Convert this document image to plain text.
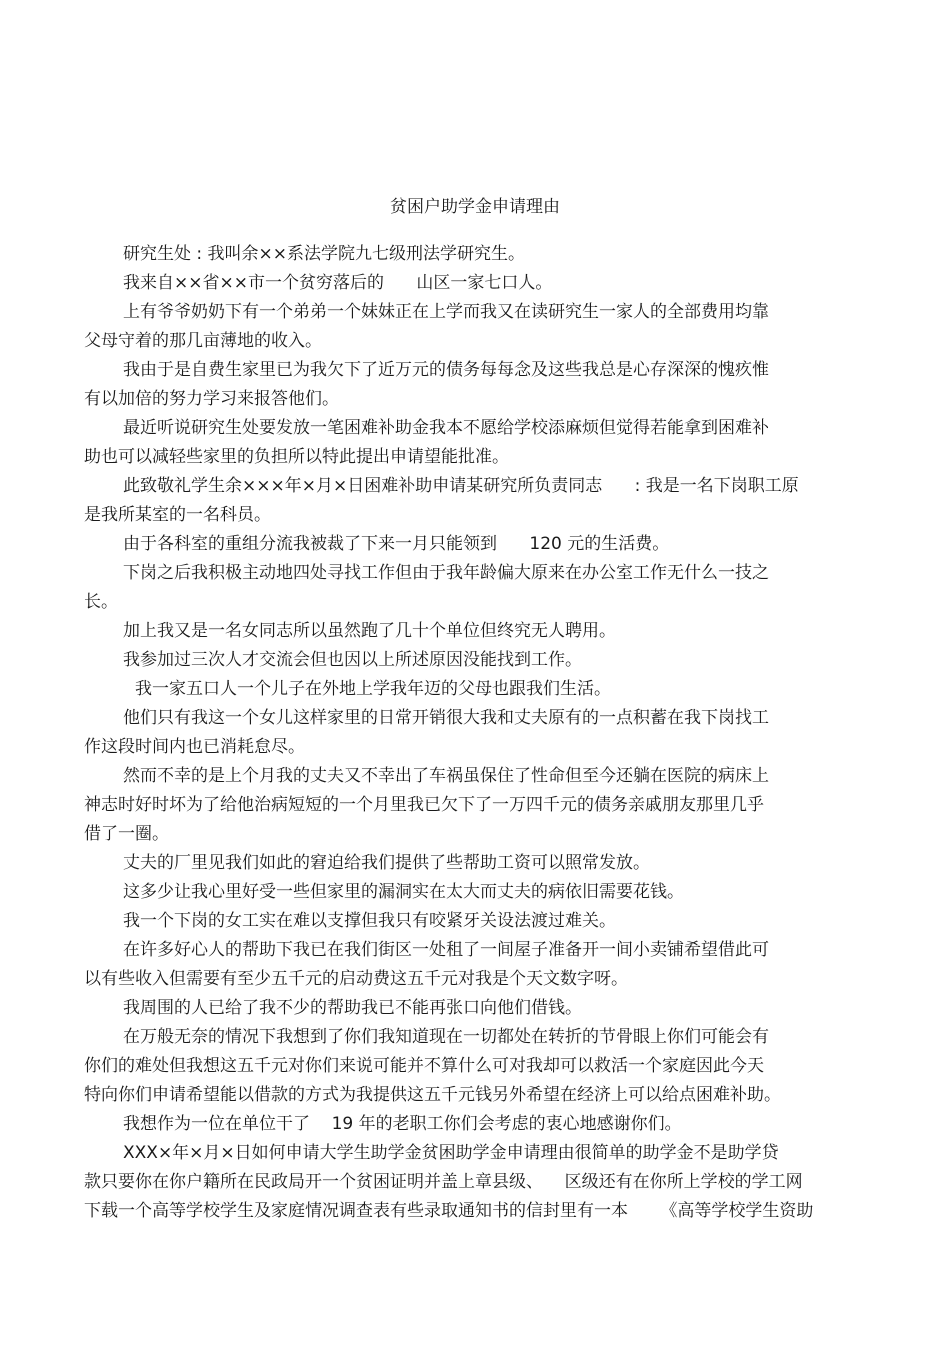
贫困户助学金申请理由
研究生处 : 我叫余××系法学院九七级刑法学研究生。
我来自××省××市一个贫穷落后的      山区一家七口人。
上有爷爷奶奶下有一个弟弟一个妹妹正在上学而我又在读研究生一家人的全部费用均靠
父母守着的那几亩薄地的收入。
我由于是自费生家里已为我欠下了近万元的债务每每念及这些我总是心存深深的愧疚惟
有以加倍的努力学习来报答他们。
最近听说研究生处要发放一笔困难补助金我本不愿给学校添麻烦但觉得若能拿到困难补
助也可以减轻些家里的负担所以特此提出申请望能批准。
此致敬礼学生余×××年×月×日困难补助申请某研究所负责同志      : 我是一名下岗职工原
是我所某室的一名科员。
由于各科室的重组分流我被裁了下来一月只能领到      120 元的生活费。
下岗之后我积极主动地四处寻找工作但由于我年龄偏大原来在办公室工作无什么一技之
长。
加上我又是一名女同志所以虽然跑了几十个单位但终究无人聘用。
我参加过三次人才交流会但也因以上所述原因没能找到工作。
我一家五口人一个儿子在外地上学我年迈的父母也跟我们生活。
他们只有我这一个女儿这样家里的日常开销很大我和丈夫原有的一点积蓄在我下岗找工
作这段时间内也已消耗怠尽。
然而不幸的是上个月我的丈夫又不幸出了车祸虽保住了性命但至今还躺在医院的病床上
神志时好时坏为了给他治病短短的一个月里我已欠下了一万四千元的债务亲戚朋友那里几乎
借了一圈。
丈夫的厂里见我们如此的窘迫给我们提供了些帮助工资可以照常发放。
这多少让我心里好受一些但家里的漏洞实在太大而丈夫的病依旧需要花钱。
我一个下岗的女工实在难以支撑但我只有咬紧牙关设法渡过难关。
在许多好心人的帮助下我已在我们街区一处租了一间屋子准备开一间小卖铺希望借此可
以有些收入但需要有至少五千元的启动费这五千元对我是个天文数字呀。
我周围的人已给了我不少的帮助我已不能再张口向他们借钱。
在万般无奈的情况下我想到了你们我知道现在一切都处在转折的节骨眼上你们可能会有
你们的难处但我想这五千元对你们来说可能并不算什么可对我却可以救活一个家庭因此今天
特向你们申请希望能以借款的方式为我提供这五千元钱另外希望在经济上可以给点困难补助。
我想作为一位在单位干了    19 年的老职工你们会考虑的衷心地感谢你们。
XXX×年×月×日如何申请大学生助学金贫困助学金申请理由很简单的助学金不是助学贷
款只要你在你户籍所在民政局开一个贫困证明并盖上章县级、    区级还有在你所上学校的学工网
下载一个高等学校学生及家庭情况调查表有些录取通知书的信封里有一本      《高等学校学生资助
